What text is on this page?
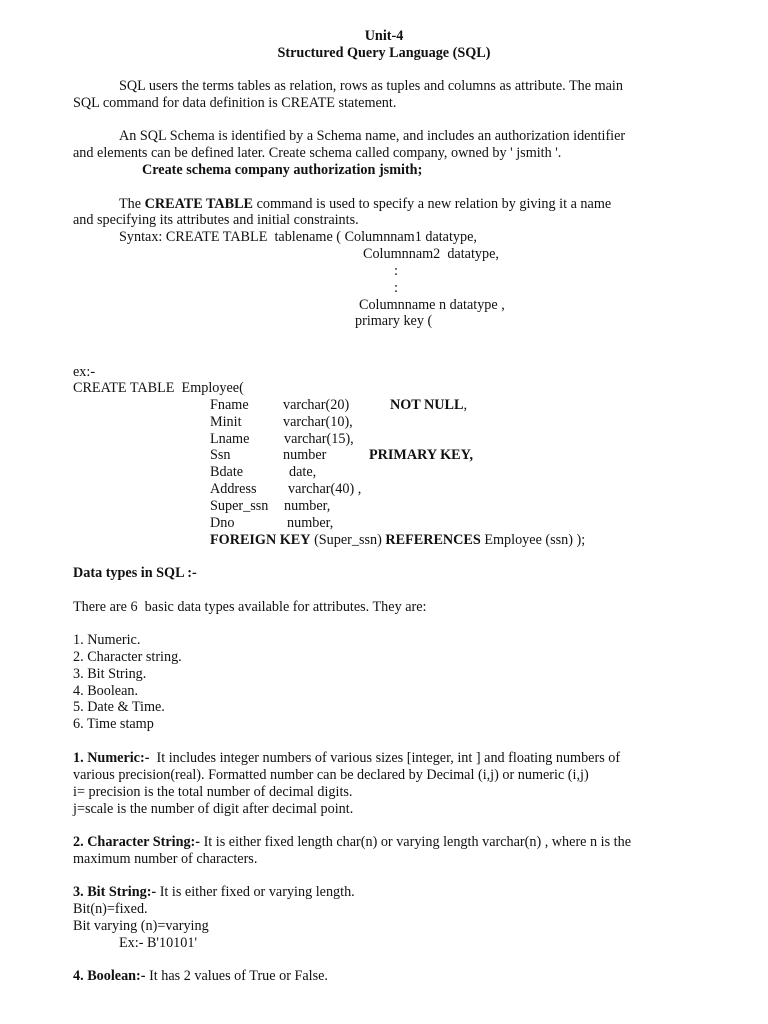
Unit-4
Structured Query Language (SQL)
SQL users the terms tables as relation, rows as tuples and columns as attribute. The main
SQL command for data definition is CREATE statement.
An SQL Schema is identified by a Schema name, and includes an authorization identifier
and elements can be defined later. Create schema called company, owned by ' jsmith '.
Create schema company authorization jsmith;
The CREATE TABLE command is used to specify a new relation by giving it a name
and specifying its attributes and initial constraints.
Syntax: CREATE TABLE  tablename ( Columnnam1 datatype,
Columnnam2  datatype,
:
:
Columnname n datatype ,
primary key (
ex:-
CREATE TABLE  Employee(
Fname varchar(20)	NOT NULL,
Minit	varchar(10),
Lname varchar(15),
Ssn	number	PRIMARY KEY,
Bdate	date,
Address varchar(40) ,
Super_ssn number,
Dno	number,
FOREIGN KEY (Super_ssn) REFERENCES Employee (ssn) );
Data types in SQL :-
There are 6  basic data types available for attributes. They are:
1. Numeric.
2. Character string.
3. Bit String.
4. Boolean.
5. Date & Time.
6. Time stamp
1. Numeric:-  It includes integer numbers of various sizes [integer, int ] and floating numbers of
various precision(real). Formatted number can be declared by Decimal (i,j) or numeric (i,j)
i= precision is the total number of decimal digits.
j=scale is the number of digit after decimal point.
2. Character String:- It is either fixed length char(n) or varying length varchar(n) , where n is the
maximum number of characters.
3. Bit String:- It is either fixed or varying length.
Bit(n)=fixed.
Bit varying (n)=varying
Ex:- B'10101'
4. Boolean:- It has 2 values of True or False.
